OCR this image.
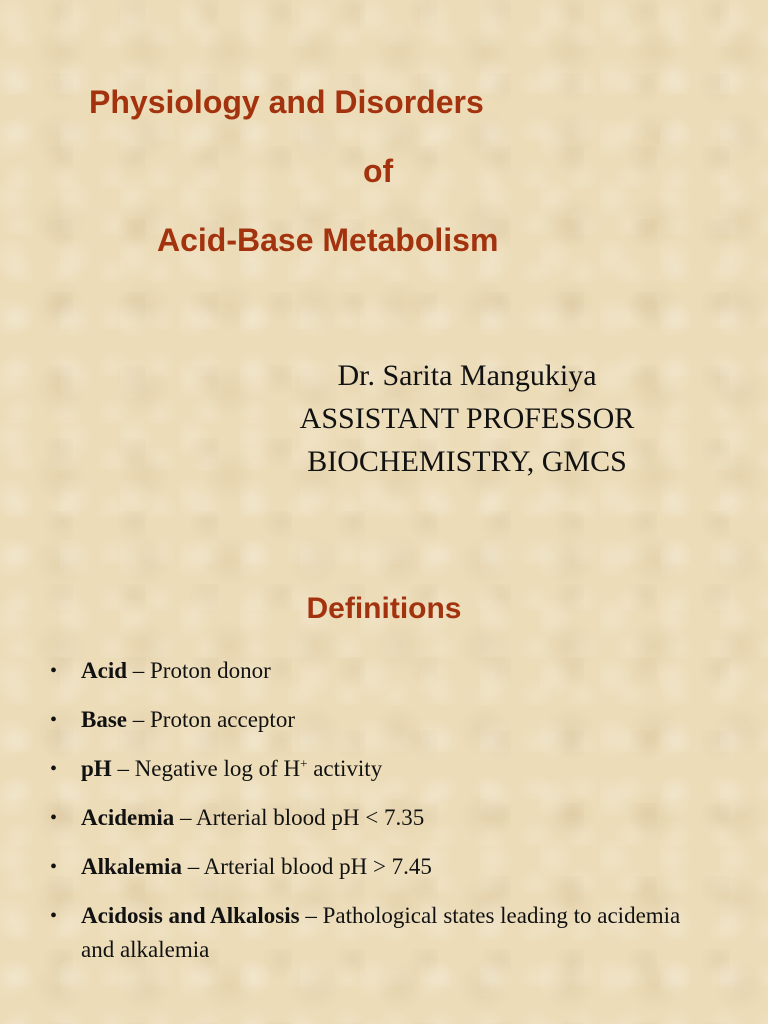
Physiology and Disorders
of
Acid-Base Metabolism
Dr. Sarita Mangukiya
ASSISTANT PROFESSOR
BIOCHEMISTRY, GMCS
Definitions
• Acid – Proton donor
• Base – Proton acceptor
• pH – Negative log of H+ activity
• Acidemia – Arterial blood pH < 7.35
• Alkalemia – Arterial blood pH > 7.45
• Acidosis and Alkalosis – Pathological states leading to acidemia and alkalemia
